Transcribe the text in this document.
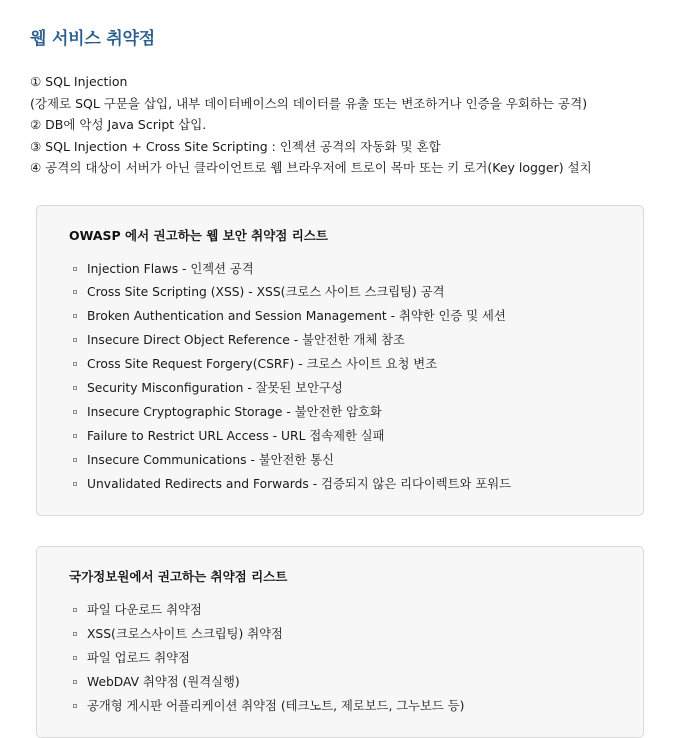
웹 서비스 취약점
① SQL Injection
(강제로 SQL 구문을 삽입, 내부 데이터베이스의 데이터를 유출 또는 변조하거나 인증을 우회하는 공격)
② DB에 악성 Java Script 삽입.
③ SQL Injection + Cross Site Scripting : 인젝션 공격의 자동화 및 혼합
④ 공격의 대상이 서버가 아닌 클라이언트로 웹 브라우저에 트로이 목마 또는 키 로거(Key logger) 설치
OWASP 에서 권고하는 웹 보안 취약점 리스트
Injection Flaws - 인젝션 공격
Cross Site Scripting (XSS) - XSS(크로스 사이트 스크립팅) 공격
Broken Authentication and Session Management - 취약한 인증 및 세션
Insecure Direct Object Reference - 불안전한 개체 참조
Cross Site Request Forgery(CSRF) - 크로스 사이트 요청 변조
Security Misconfiguration - 잘못된 보안구성
Insecure Cryptographic Storage - 불안전한 암호화
Failure to Restrict URL Access - URL 접속제한 실패
Insecure Communications - 불안전한 통신
Unvalidated Redirects and Forwards - 검증되지 않은 리다이렉트와 포워드
국가정보원에서 권고하는 취약점 리스트
파일 다운로드 취약점
XSS(크로스사이트 스크립팅) 취약점
파일 업로드 취약점
WebDAV 취약점 (원격실행)
공개형 게시판 어플리케이션 취약점 (테크노트, 제로보드, 그누보드 등)
